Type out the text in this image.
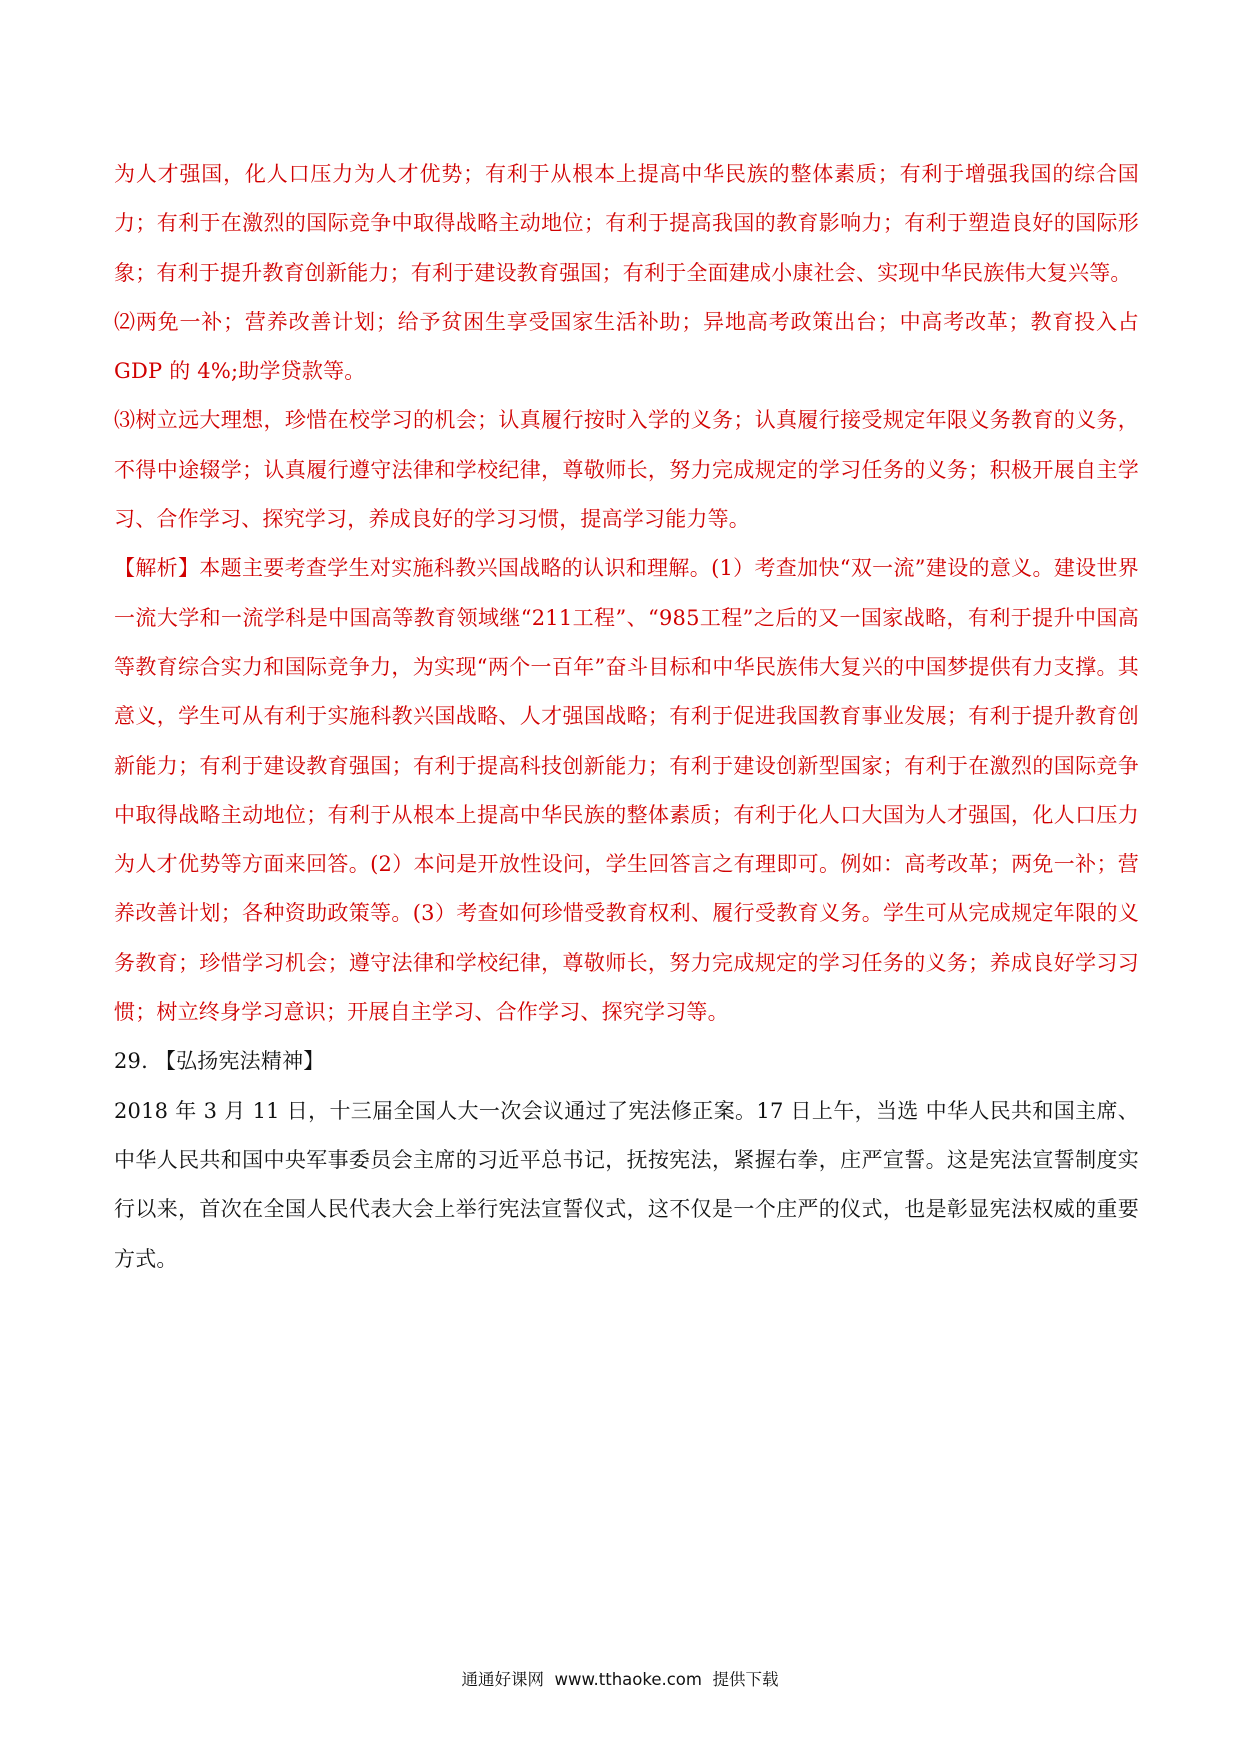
为人才强国，化人口压力为人才优势；有利于从根本上提高中华民族的整体素质；有利于增强我国的综合国力；有利于在激烈的国际竞争中取得战略主动地位；有利于提高我国的教育影响力；有利于塑造良好的国际形象；有利于提升教育创新能力；有利于建设教育强国；有利于全面建成小康社会、实现中华民族伟大复兴等。

⑵两免一补；营养改善计划；给予贫困生享受国家生活补助；异地高考政策出台；中高考改革；教育投入占 GDP 的 4%;助学贷款等。

⑶树立远大理想，珍惜在校学习的机会；认真履行按时入学的义务；认真履行接受规定年限义务教育的义务，不得中途辍学；认真履行遵守法律和学校纪律，尊敬师长，努力完成规定的学习任务的义务；积极开展自主学习、合作学习、探究学习，养成良好的学习习惯，提高学习能力等。

【解析】本题主要考查学生对实施科教兴国战略的认识和理解。(1）考查加快“双一流”建设的意义。建设世界一流大学和一流学科是中国高等教育领域继“211工程”、“985工程”之后的又一国家战略，有利于提升中国高等教育综合实力和国际竞争力，为实现“两个一百年”奋斗目标和中华民族伟大复兴的中国梦提供有力支撑。其意义，学生可从有利于实施科教兴国战略、人才强国战略；有利于促进我国教育事业发展；有利于提升教育创新能力；有利于建设教育强国；有利于提高科技创新能力；有利于建设创新型国家；有利于在激烈的国际竞争中取得战略主动地位；有利于从根本上提高中华民族的整体素质；有利于化人口大国为人才强国，化人口压力为人才优势等方面来回答。(2）本问是开放性设问，学生回答言之有理即可。例如：高考改革；两免一补；营养改善计划；各种资助政策等。(3）考查如何珍惜受教育权利、履行受教育义务。学生可从完成规定年限的义务教育；珍惜学习机会；遵守法律和学校纪律，尊敬师长，努力完成规定的学习任务的义务；养成良好学习习惯；树立终身学习意识；开展自主学习、合作学习、探究学习等。

29. 【弘扬宪法精神】

2018 年 3 月 11 日，十三届全国人大一次会议通过了宪法修正案。17 日上午，当选 中华人民共和国主席、中华人民共和国中央军事委员会主席的习近平总书记，抚按宪法，紧握右拳，庄严宣誓。这是宪法宣誓制度实行以来，首次在全国人民代表大会上举行宪法宣誓仪式，这不仅是一个庄严的仪式，也是彰显宪法权威的重要方式。

通通好课网  www.tthaoke.com  提供下载
